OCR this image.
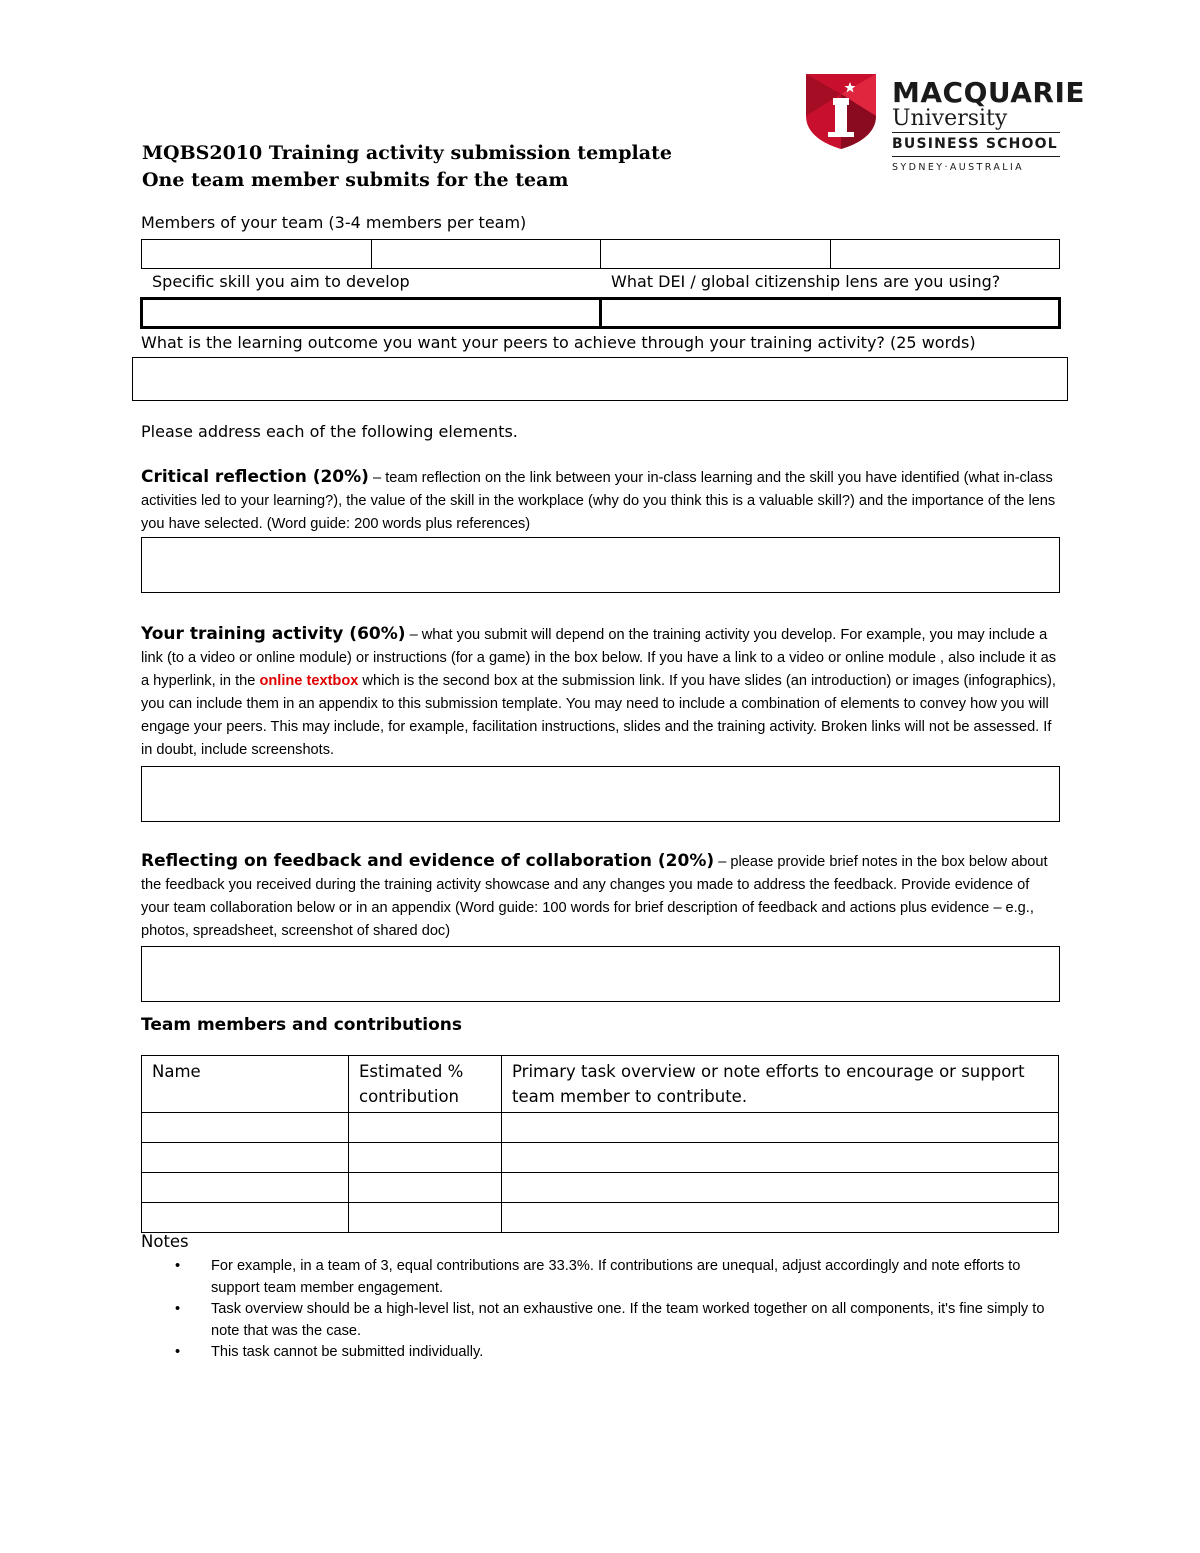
MACQUARIE
University
BUSINESS SCHOOL
SYDNEY·AUSTRALIA
MQBS2010 Training activity submission template
One team member submits for the team
Members of your team (3-4 members per team)

Specific skill you aim to develop	What DEI / global citizenship lens are you using?
What is the learning outcome you want your peers to achieve through your training activity? (25 words)
Please address each of the following elements.
Critical reflection (20%) – team reflection on the link between your in-class learning and the skill you have identified (what in-class activities led to your learning?), the value of the skill in the workplace (why do you think this is a valuable skill?) and the importance of the lens you have selected. (Word guide: 200 words plus references)
Your training activity (60%) – what you submit will depend on the training activity you develop. For example, you may include a link (to a video or online module) or instructions (for a game) in the box below. If you have a link to a video or online module , also include it as a hyperlink, in the online textbox which is the second box at the submission link. If you have slides (an introduction) or images (infographics), you can include them in an appendix to this submission template. You may need to include a combination of elements to convey how you will engage your peers. This may include, for example, facilitation instructions, slides and the training activity. Broken links will not be assessed. If in doubt, include screenshots.
Reflecting on feedback and evidence of collaboration (20%) – please provide brief notes in the box below about the feedback you received during the training activity showcase and any changes you made to address the feedback. Provide evidence of your team collaboration below or in an appendix (Word guide: 100 words for brief description of feedback and actions plus evidence – e.g., photos, spreadsheet, screenshot of shared doc)
Team members and contributions
Name	Estimated % contribution	Primary task overview or note efforts to encourage or support team member to contribute.

Notes
• For example, in a team of 3, equal contributions are 33.3%. If contributions are unequal, adjust accordingly and note efforts to support team member engagement.
• Task overview should be a high-level list, not an exhaustive one. If the team worked together on all components, it's fine simply to note that was the case.
• This task cannot be submitted individually.
